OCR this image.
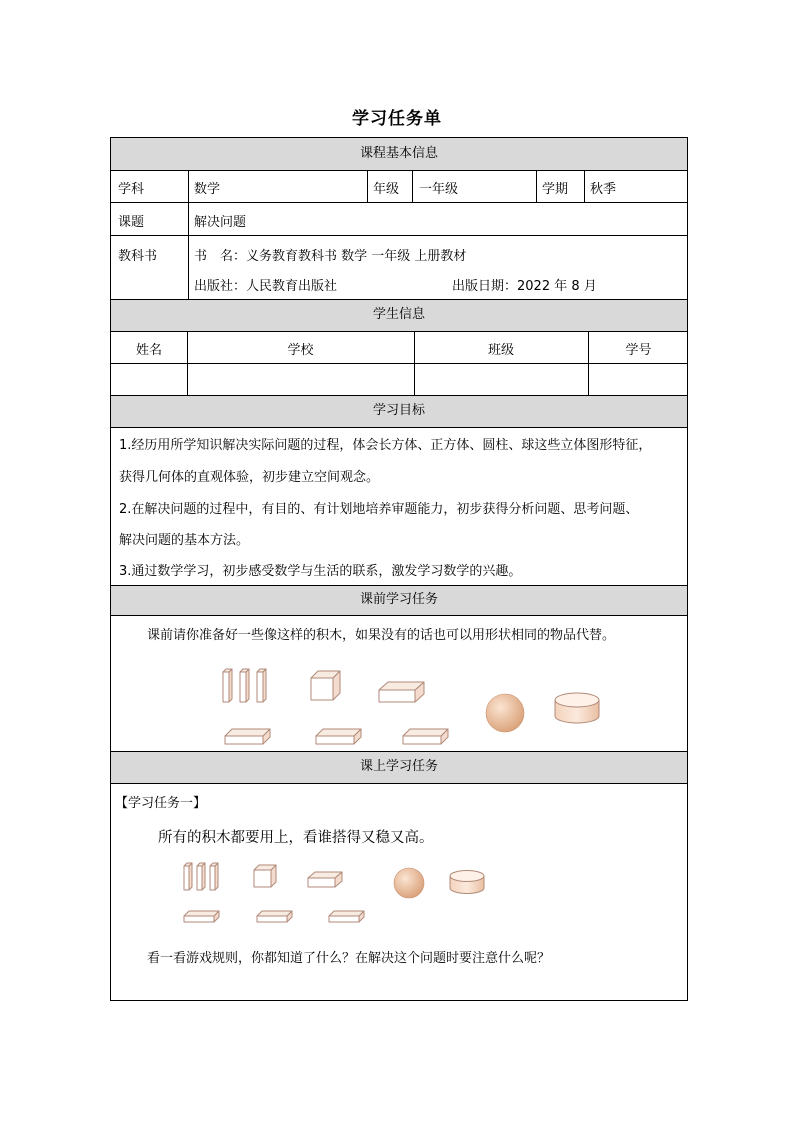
学习任务单
课程基本信息
学生信息
学习目标
课前学习任务
课上学习任务
学科	数学	年级 一年级	学期 秋季
课题	解决问题
教科书	书　名：义务教育教科书 数学 一年级 上册教材
出版社：人民教育出版社	出版日期：2022 年 8 月
姓名	学校	班级	学号
1.经历用所学知识解决实际问题的过程，体会长方体、正方体、圆柱、球这些立体图形特征，
获得几何体的直观体验，初步建立空间观念。
2.在解决问题的过程中，有目的、有计划地培养审题能力，初步获得分析问题、思考问题、
解决问题的基本方法。
3.通过数学学习，初步感受数学与生活的联系，激发学习数学的兴趣。
课前请你准备好一些像这样的积木，如果没有的话也可以用形状相同的物品代替。
【学习任务一】
所有的积木都要用上，看谁搭得又稳又高。
看一看游戏规则，你都知道了什么？在解决这个问题时要注意什么呢？
